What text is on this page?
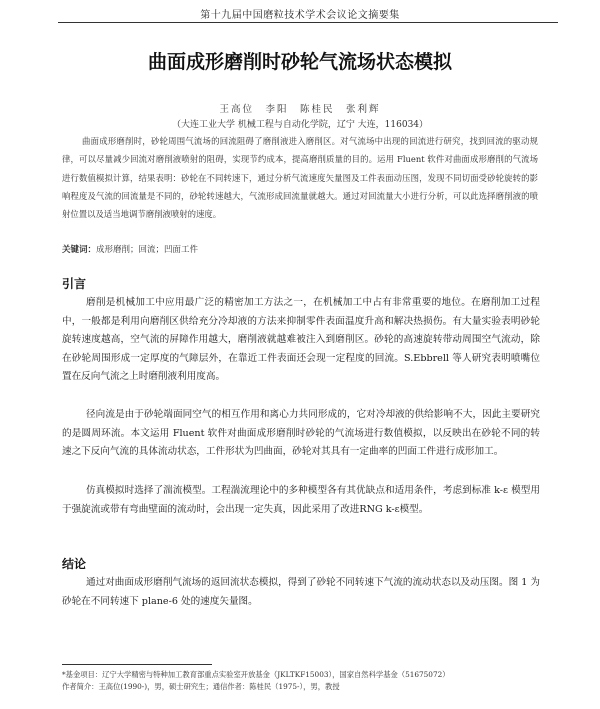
第十九届中国磨粒技术学术会议论文摘要集
曲面成形磨削时砂轮气流场状态模拟
王高位　李阳　陈桂民　张利辉
（大连工业大学 机械工程与自动化学院，辽宁 大连，116034）

曲面成形磨削时，砂轮周围气流场的回流阻碍了磨削液进入磨削区。对气流场中出现的回流进行研究，找到回流的驱动规律，可以尽量减少回流对磨削液喷射的阻碍，实现节约成本，提高磨削质量的目的。运用 Fluent 软件对曲面成形磨削的气流场进行数值模拟计算，结果表明：砂轮在不同转速下，通过分析气流速度矢量图及工件表面动压图，发现不同切面受砂轮旋转的影响程度及气流的回流量是不同的，砂轮转速越大，气流形成回流量就越大。通过对回流量大小进行分析，可以此选择磨削液的喷射位置以及适当地调节磨削液喷射的速度。

关键词：成形磨削；回流；凹面工件
引言

磨削是机械加工中应用最广泛的精密加工方法之一，在机械加工中占有非常重要的地位。在磨削加工过程中，一般都是利用向磨削区供给充分冷却液的方法来抑制零件表面温度升高和解决热损伤。有大量实验表明砂轮旋转速度越高，空气流的屏障作用越大，磨削液就越难被注入到磨削区。砂轮的高速旋转带动周围空气流动，除在砂轮周围形成一定厚度的气障层外，在靠近工件表面还会现一定程度的回流。S.Ebbrell 等人研究表明喷嘴位置在反向气流之上时磨削液利用度高。

径向流是由于砂轮端面同空气的相互作用和离心力共同形成的，它对冷却液的供给影响不大，因此主要研究的是圆周环流。本文运用 Fluent 软件对曲面成形磨削时砂轮的气流场进行数值模拟，以反映出在砂轮不同的转速之下反向气流的具体流动状态，工件形状为凹曲面，砂轮对其具有一定曲率的凹面工件进行成形加工。

仿真模拟时选择了湍流模型。工程湍流理论中的多种模型各有其优缺点和适用条件，考虑到标准 k-ε 模型用于强旋流或带有弯曲壁面的流动时，会出现一定失真，因此采用了改进RNG k-ε模型。

结论

通过对曲面成形磨削气流场的返回流状态模拟，得到了砂轮不同转速下气流的流动状态以及动压图。图 1 为砂轮在不同转速下 plane-6 处的速度矢量图。

*基金项目：辽宁大学精密与特种加工教育部重点实验室开放基金（JKLTKF15003），国家自然科学基金（51675072）
作者简介：王高位(1990-)，男，硕士研究生；通信作者：陈桂民（1975-），男，教授
